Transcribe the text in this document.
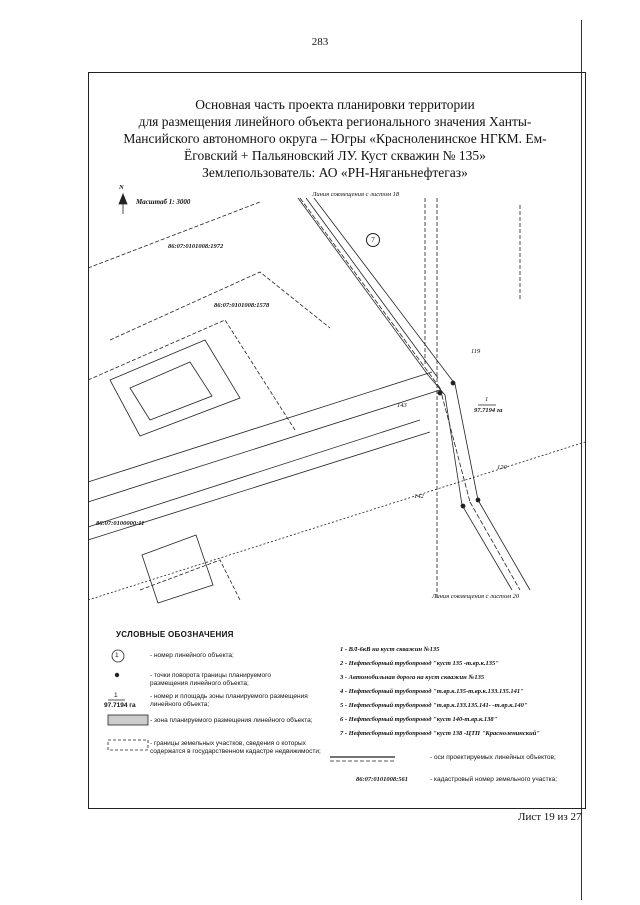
283
Основная часть проекта планировки территории
для размещения линейного объекта регионального значения Ханты-
Мансийского автономного округа – Югры «Красноленинское НГКМ. Ем-
Ёговский + Пальяновский ЛУ. Куст скважин № 135»
Землепользователь: АО «РН-Няганьнефтегаз»
Масштаб 1: 3000
N
Линия совмещения с листом 18
Линия совмещения с листом 20
86:07:0101008:1972
86:07:0101008:1578
86:07:0100000:11
7
119
143
120
142
1
97.7194 га
УСЛОВНЫЕ ОБОЗНАЧЕНИЯ
1
1
97.7194 га
- номер линейного объекта;
- точки поворота границы планируемого размещения линейного объекта;
- номер и площадь зоны планируемого размещения линейного объекта;
- зона планируемого размещения линейного объекта;
- границы земельных участков, сведения о которых содержатся в государственном кадастре недвижимости;
1 - ВЛ-6кВ на куст скважин №135
2 - Нефтесборный трубопровод "куст 135 -т.вр.к.135"
3 - Автомобильная дорога на куст скважин №135
4 - Нефтесборный трубопровод "т.вр.к.135-т.вр.к.133.135.141"
5 - Нефтесборный трубопровод "т.вр.к.133.135.141- -т.вр.к.140"
6 - Нефтесборный трубопровод "куст 140-т.вр.к.138"
7 - Нефтесборный трубопровод "куст 138 -ЦТП "Красноленинский"
- оси проектируемых линейных объектов;
86:07:0101008:561	- кадастровый номер земельного участка;
Лист 19 из 27
